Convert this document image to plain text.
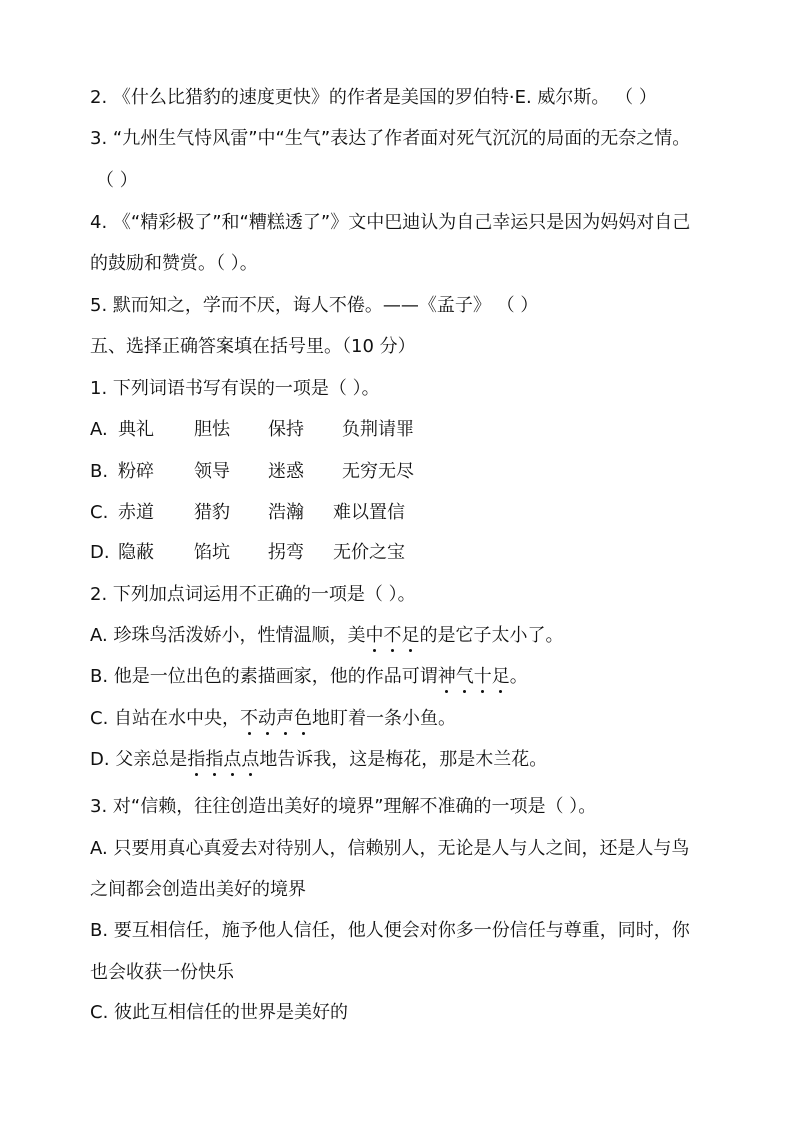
2. 《什么比猎豹的速度更快》的作者是美国的罗伯特·E. 威尔斯。 （ ）
3. “九州生气恃风雷”中“生气”表达了作者面对死气沉沉的局面的无奈之情。
（ ）
4. 《“精彩极了”和“糟糕透了”》文中巴迪认为自己幸运只是因为妈妈对自己
的鼓励和赞赏。（ ）。
5. 默而知之，学而不厌，诲人不倦。——《孟子》 （ ）
五、选择正确答案填在括号里。（10 分）
1. 下列词语书写有误的一项是（ ）。
A. 典礼 胆怯 保持 负荆请罪
B. 粉碎 领导 迷惑 无穷无尽
C. 赤道 猎豹 浩瀚 难以置信
D. 隐蔽 馅坑 拐弯 无价之宝
2. 下列加点词运用不正确的一项是（ ）。
A. 珍珠鸟活泼娇小，性情温顺，美中不足的是它子太小了。
B. 他是一位出色的素描画家，他的作品可谓神气十足。
C. 自站在水中央，不动声色地盯着一条小鱼。
D. 父亲总是指指点点地告诉我，这是梅花，那是木兰花。
3. 对“信赖，往往创造出美好的境界”理解不准确的一项是（ ）。
A. 只要用真心真爱去对待别人，信赖别人，无论是人与人之间，还是人与鸟
之间都会创造出美好的境界
B. 要互相信任，施予他人信任，他人便会对你多一份信任与尊重，同时，你
也会收获一份快乐
C. 彼此互相信任的世界是美好的
